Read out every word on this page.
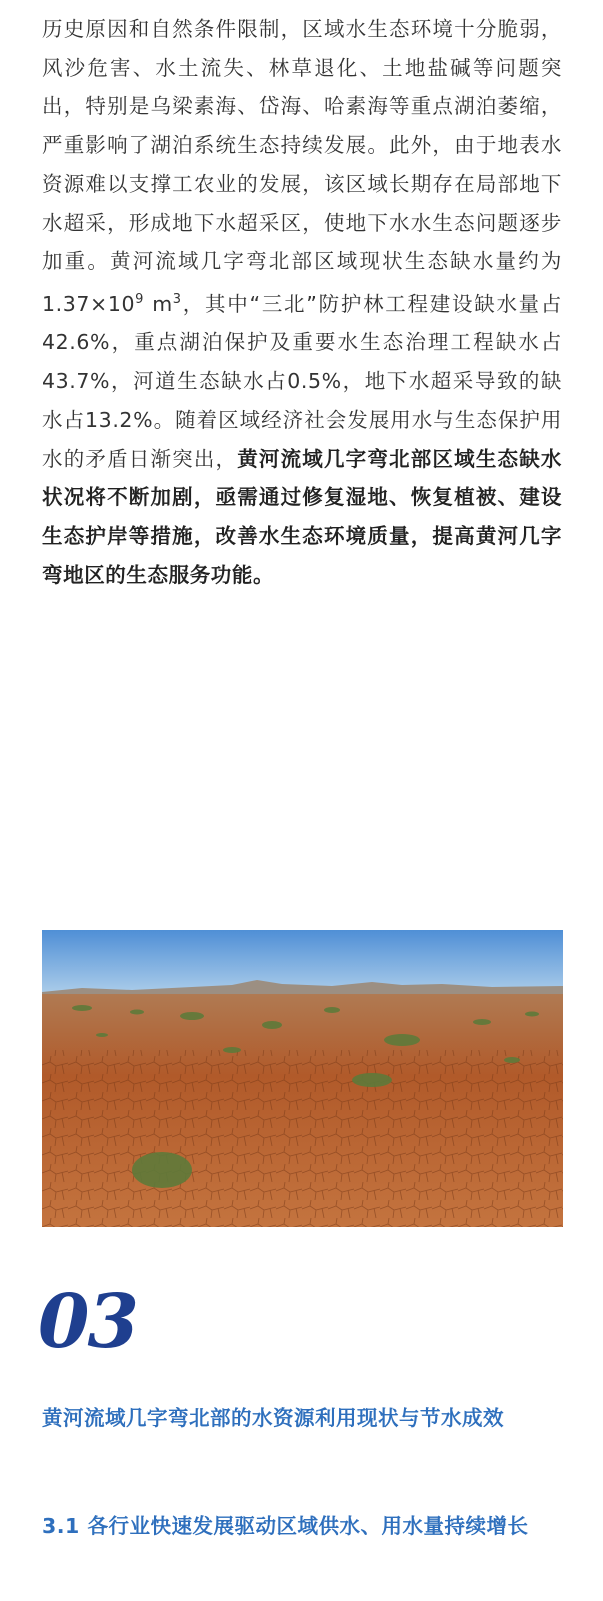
历史原因和自然条件限制，区域水生态环境十分脆弱，风沙危害、水土流失、林草退化、土地盐碱等问题突出，特别是乌梁素海、岱海、哈素海等重点湖泊萎缩，严重影响了湖泊系统生态持续发展。此外，由于地表水资源难以支撑工农业的发展，该区域长期存在局部地下水超采，形成地下水超采区，使地下水水生态问题逐步加重。黄河流域几字弯北部区域现状生态缺水量约为 $1.37\times 10^9$ $m^3$，其中“三北”防护林工程建设缺水量占42.6%，重点湖泊保护及重要水生态治理工程缺水占43.7%，河道生态缺水占0.5%，地下水超采导致的缺水占13.2%。随着区域经济社会发展用水与生态保护用水的矛盾日渐突出，黄河流域几字弯北部区域生态缺水状况将不断加剧，亟需通过修复湿地、恢复植被、建设生态护岸等措施，改善水生态环境质量，提高黄河几字弯地区的生态服务功能。
03
黄河流域几字弯北部的水资源利用现状与节水成效
3.1 各行业快速发展驱动区域供水、用水量持续增长
